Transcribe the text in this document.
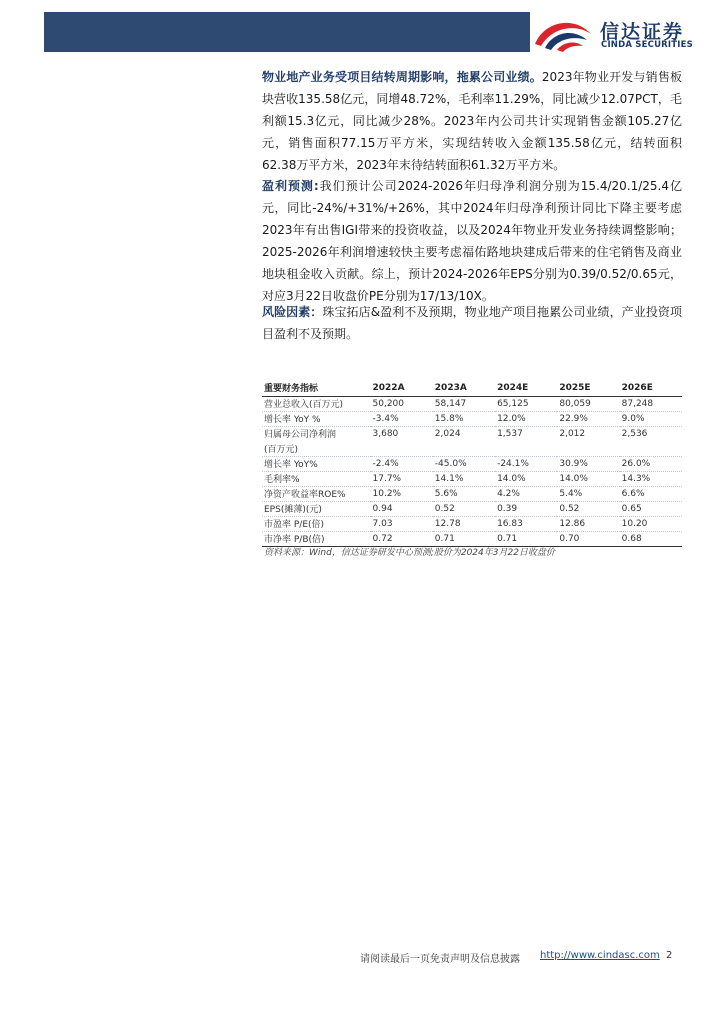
信达证券
CINDA SECURITIES
物业地产业务受项目结转周期影响，拖累公司业绩。2023年物业开发与销售板块营收135.58亿元，同增48.72%，毛利率11.29%，同比减少12.07PCT，毛利额15.3亿元，同比减少28%。2023年内公司共计实现销售金额105.27亿元，销售面积77.15万平方米，实现结转收入金额135.58亿元，结转面积62.38万平方米，2023年末待结转面积61.32万平方米。
盈利预测:我们预计公司2024-2026年归母净利润分别为15.4/20.1/25.4亿元，同比-24%/+31%/+26%，其中2024年归母净利预计同比下降主要考虑2023年有出售IGI带来的投资收益，以及2024年物业开发业务持续调整影响；2025-2026年利润增速较快主要考虑福佑路地块建成后带来的住宅销售及商业地块租金收入贡献。综上，预计2024-2026年EPS分别为0.39/0.52/0.65元，对应3月22日收盘价PE分别为17/13/10X。
风险因素：珠宝拓店&盈利不及预期，物业地产项目拖累公司业绩，产业投资项目盈利不及预期。
重要财务指标	2022A	2023A	2024E	2025E	2026E
营业总收入(百万元)	50,200	58,147	65,125	80,059	87,248
增长率 YoY %	-3.4%	15.8%	12.0%	22.9%	9.0%
归属母公司净利润	3,680	2,024	1,537	2,012	2,536
(百万元)					
增长率 YoY%	-2.4%	-45.0%	-24.1%	30.9%	26.0%
毛利率%	17.7%	14.1%	14.0%	14.0%	14.3%
净资产收益率ROE%	10.2%	5.6%	4.2%	5.4%	6.6%
EPS(摊薄)(元)	0.94	0.52	0.39	0.52	0.65
市盈率 P/E(倍)	7.03	12.78	16.83	12.86	10.20
市净率 P/B(倍)	0.72	0.71	0.71	0.70	0.68
资料来源：Wind，信达证券研发中心预测;股价为2024年3月22日收盘价
请阅读最后一页免责声明及信息披露 http://www.cindasc.com 2
